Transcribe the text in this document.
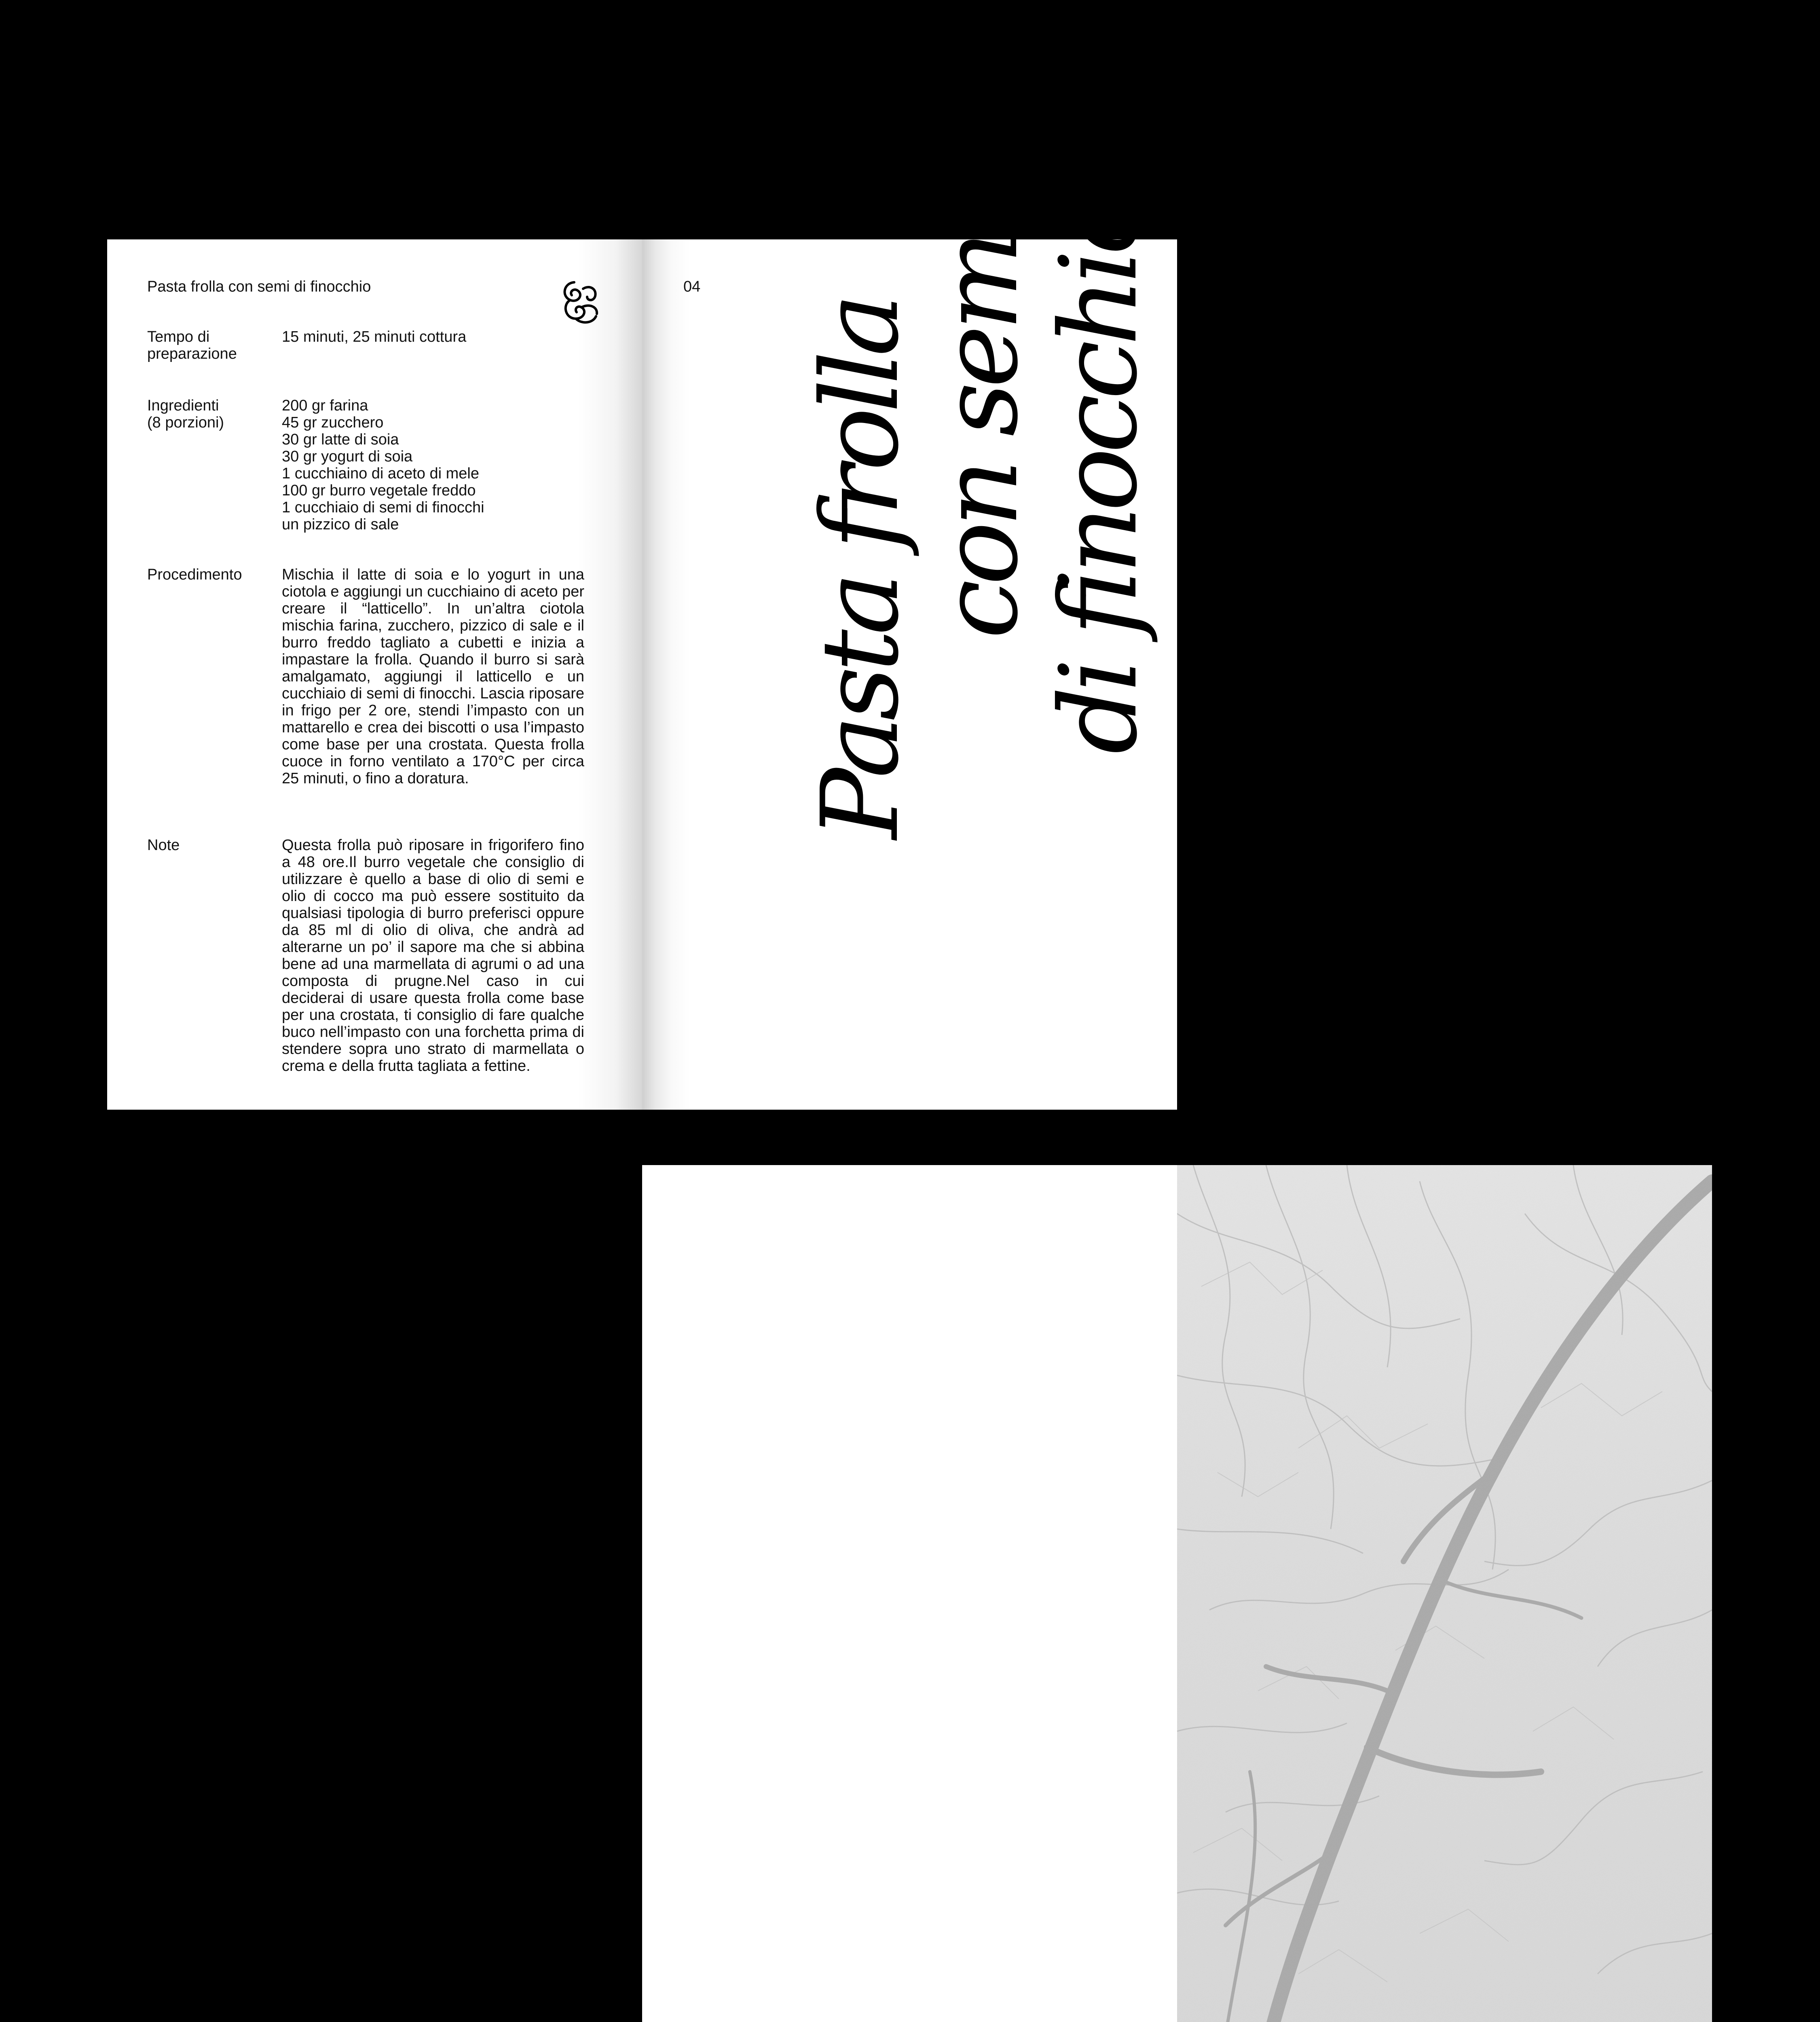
Pasta frolla con semi di finocchio

Tempo di
preparazione

15 minuti, 25 minuti cottura

Ingredienti
(8 porzioni)

200 gr farina
45 gr zucchero
30 gr latte di soia
30 gr yogurt di soia
1 cucchiaino di aceto di mele
100 gr burro vegetale freddo
1 cucchiaio di semi di finocchi
un pizzico di sale

Procedimento	Mischia il latte di soia e lo yogurt in una ciotola e aggiungi un cucchiaino di aceto per creare il “latticello”. In un’altra ciotola mischia farina, zucchero, pizzico di sale e il burro freddo tagliato a cubetti e inizia a impastare la frolla. Quando il burro si sarà amalgamato, aggiungi il latticello e un cucchiaio di semi di finocchi. Lascia riposare in frigo per 2 ore, stendi l’impasto con un mattarello e crea dei biscotti o usa l’impasto come base per una crostata. Questa frolla cuoce in forno ventilato a 170°C per circa 25 minuti, o fino a doratura.

Note	Questa frolla può riposare in frigorifero fino a 48 ore.Il burro vegetale che consiglio di utilizzare è quello a base di olio di semi e olio di cocco ma può essere sostituito da qualsiasi tipologia di burro preferisci oppure da 85 ml di olio di oliva, che andrà ad alterarne un po’ il sapore ma che si abbina bene ad una marmellata di agrumi o ad una composta di prugne.Nel caso in cui deciderai di usare questa frolla come base per una crostata, ti consiglio di fare qualche buco nell’impasto con una forchetta prima di stendere sopra uno strato di marmellata o crema e della frutta tagliata a fettine.

04

Pasta frolla
con semi
di finocchio
